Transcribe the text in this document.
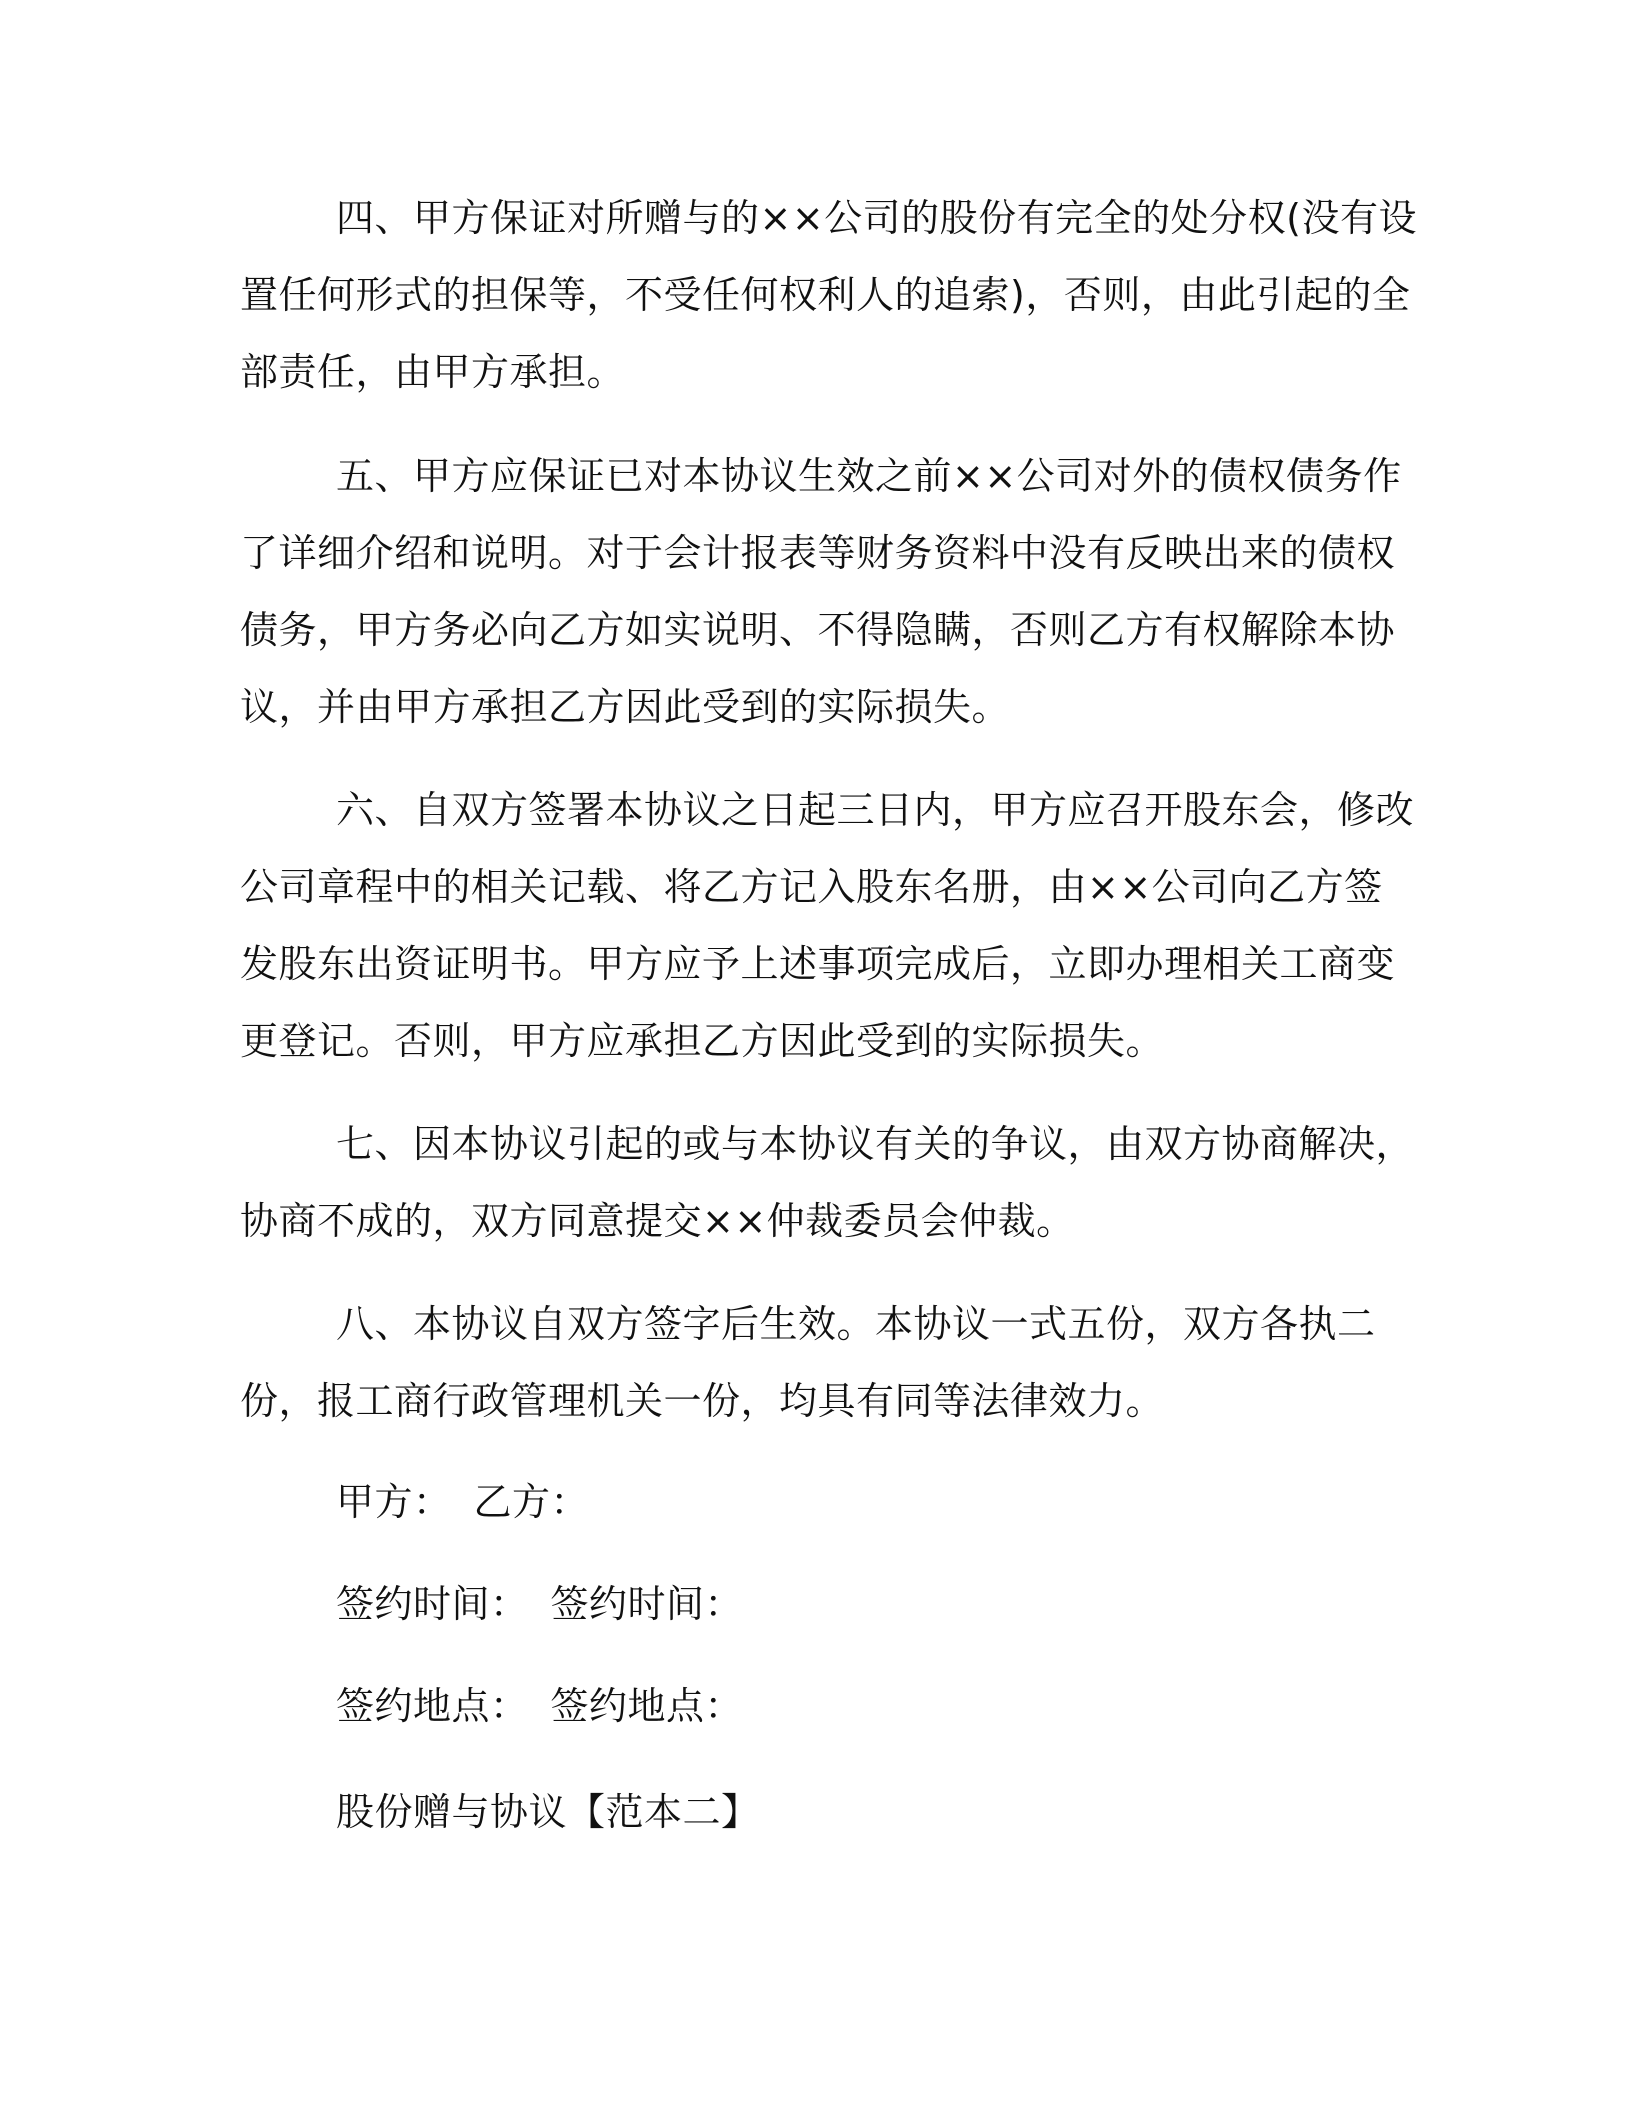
四、甲方保证对所赠与的××公司的股份有完全的处分权(没有设置任何形式的担保等，不受任何权利人的追索)，否则，由此引起的全部责任，由甲方承担。

五、甲方应保证已对本协议生效之前××公司对外的债权债务作了详细介绍和说明。对于会计报表等财务资料中没有反映出来的债权债务，甲方务必向乙方如实说明、不得隐瞒，否则乙方有权解除本协议，并由甲方承担乙方因此受到的实际损失。

六、自双方签署本协议之日起三日内，甲方应召开股东会，修改公司章程中的相关记载、将乙方记入股东名册，由××公司向乙方签发股东出资证明书。甲方应予上述事项完成后，立即办理相关工商变更登记。否则，甲方应承担乙方因此受到的实际损失。

七、因本协议引起的或与本协议有关的争议，由双方协商解决，协商不成的，双方同意提交××仲裁委员会仲裁。

八、本协议自双方签字后生效。本协议一式五份，双方各执二份，报工商行政管理机关一份，均具有同等法律效力。

甲方： 乙方：

签约时间： 签约时间：

签约地点： 签约地点：

股份赠与协议【范本二】
